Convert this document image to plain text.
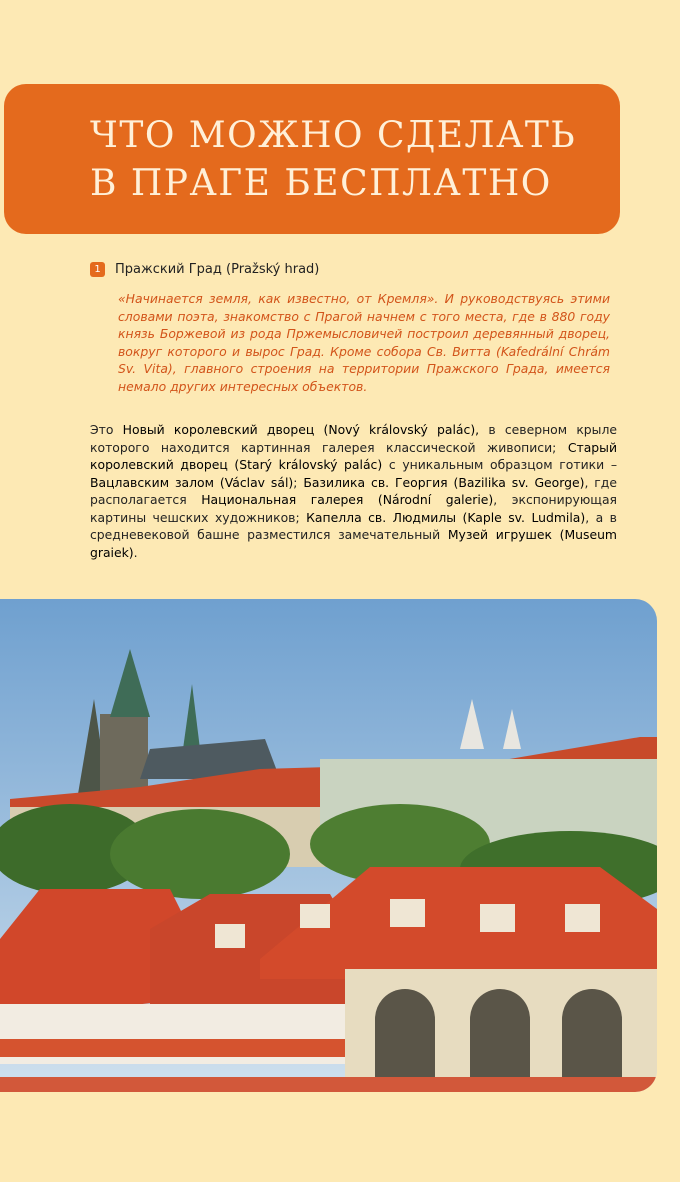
ЧТО МОЖНО СДЕЛАТЬ
В ПРАГЕ БЕСПЛАТНО
1	Пражский Град
(Pražský hrad)

«Начинается земля, как известно, от Кремля». И руководствуясь этими словами поэта, знакомство с Прагой начнем с того места, где в 880 году князь Боржевой из рода Пржемысловичей построил деревянный дворец, вокруг которого и вырос Град. Кроме собора Св. Витта (Kafedrální Chrám Sv. Vita), главного строения на территории Пражского Града, имеется немало других интересных объектов.

Это Новый королевский дворец (Nový královský palác), в северном крыле которого находится картинная галерея классической живописи; Старый королевский дворец (Starý královský palác) с уникальным образцом готики – Вацлавским залом (Václav sál); Базилика св. Георгия (Bazilika sv. George), где располагается Национальная галерея (Národní galerie), экспонирующая картины чешских художников; Капелла св. Людмилы (Kaple sv. Ludmila), а в средневековой башне разместился замечательный Музей игрушек (Museum graiek).
